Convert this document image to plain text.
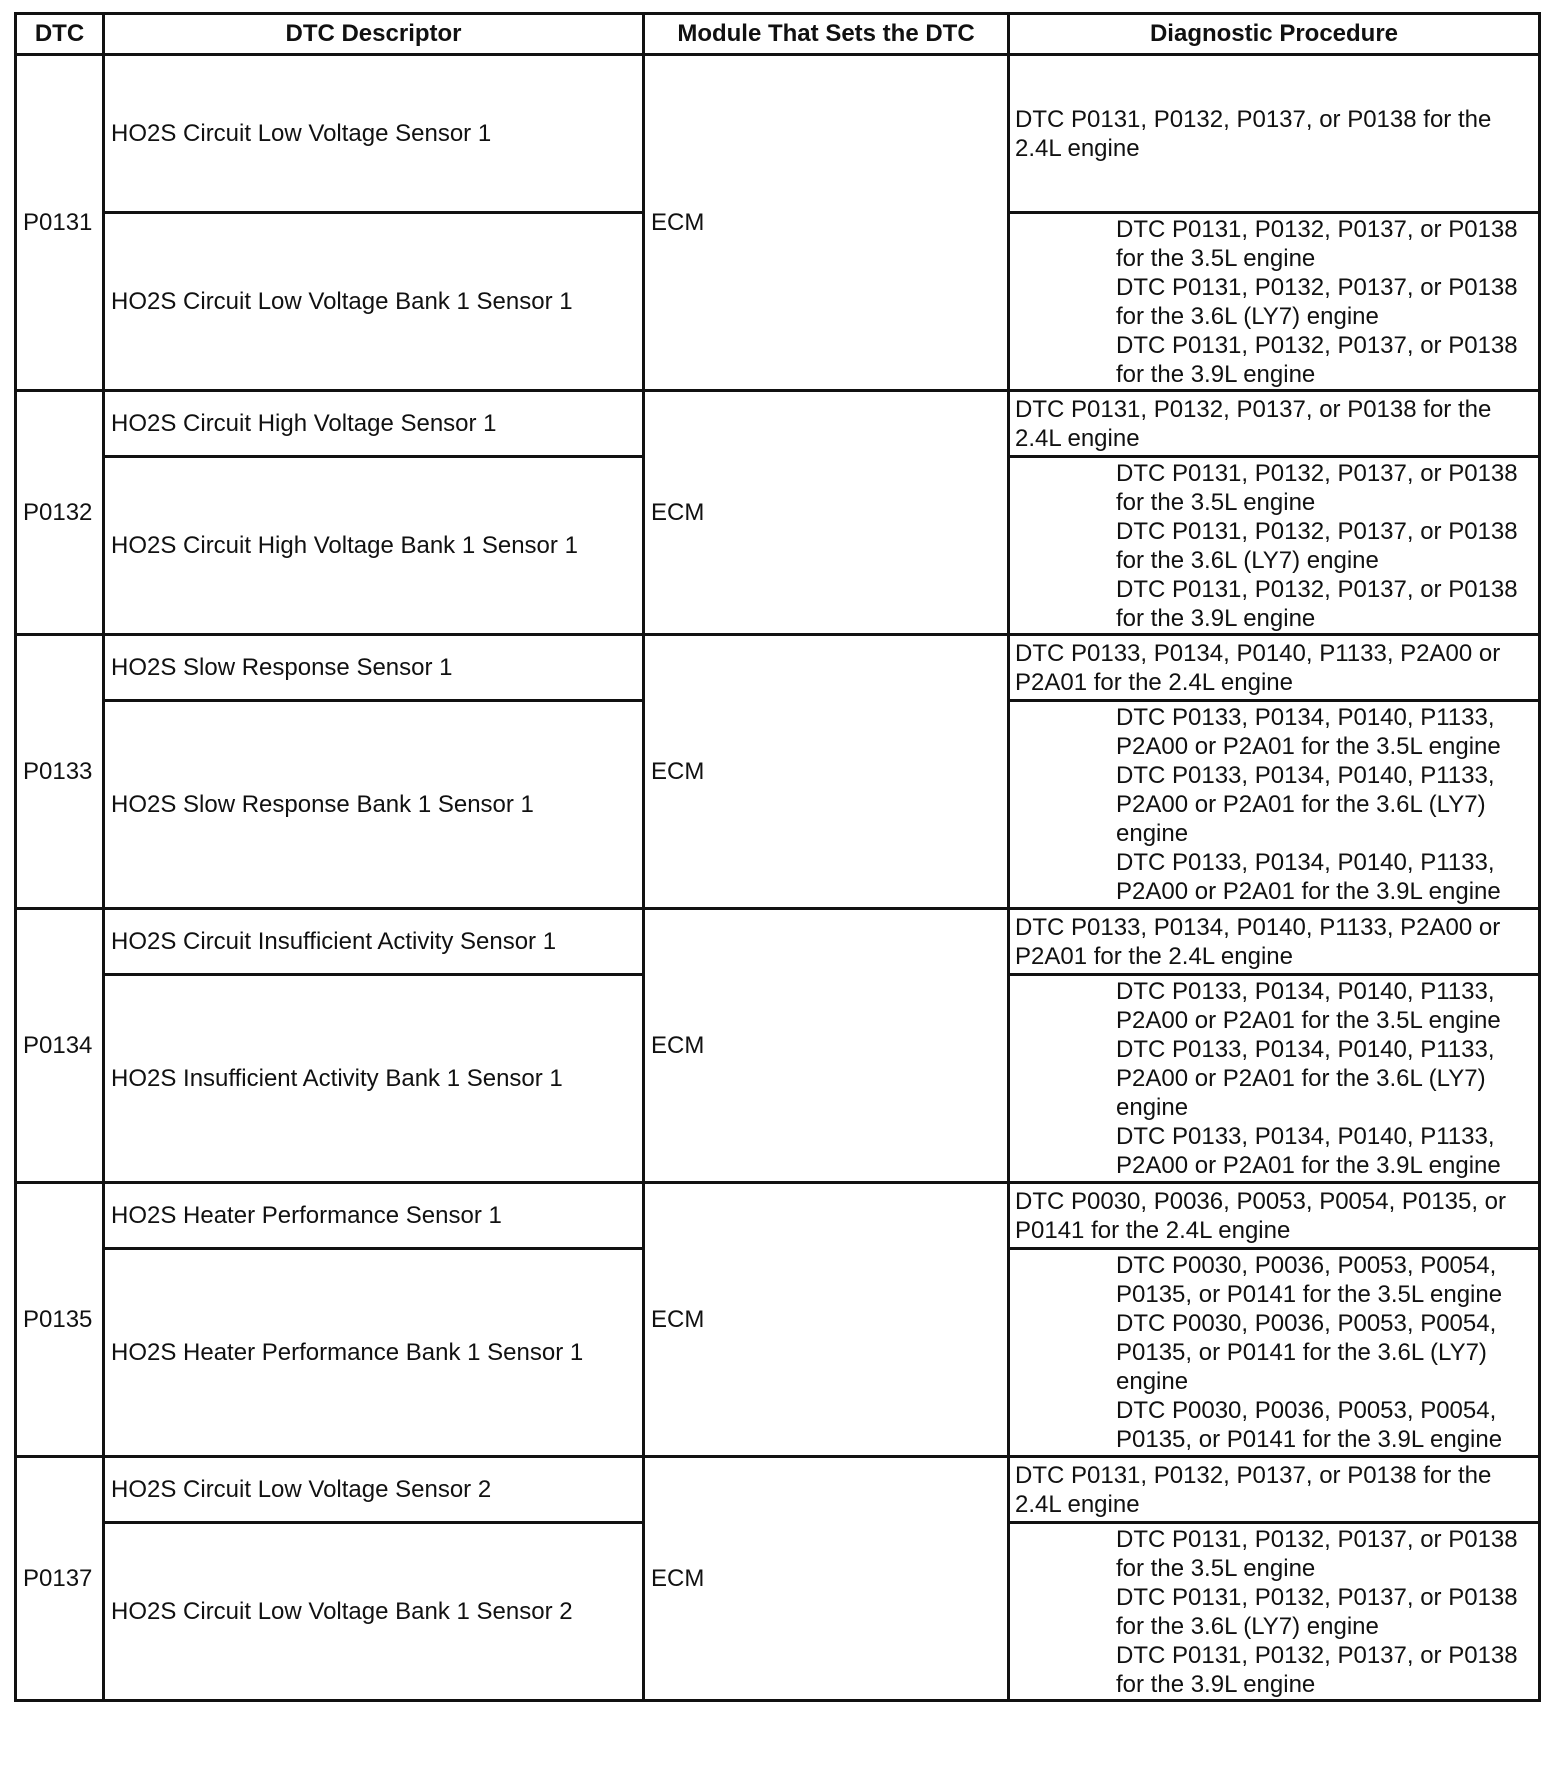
DTC	DTC Descriptor	Module That Sets the DTC	Diagnostic Procedure
P0131	HO2S Circuit Low Voltage Sensor 1	ECM	DTC P0131, P0132, P0137, or P0138 for the 2.4L engine

	HO2S Circuit Low Voltage Bank 1 Sensor 1		DTC P0131, P0132, P0137, or P0138 for the 3.5L engine
DTC P0131, P0132, P0137, or P0138 for the 3.6L (LY7) engine
DTC P0131, P0132, P0137, or P0138 for the 3.9L engine

P0132	HO2S Circuit High Voltage Sensor 1	ECM	DTC P0131, P0132, P0137, or P0138 for the 2.4L engine

	HO2S Circuit High Voltage Bank 1 Sensor 1		DTC P0131, P0132, P0137, or P0138 for the 3.5L engine
DTC P0131, P0132, P0137, or P0138 for the 3.6L (LY7) engine
DTC P0131, P0132, P0137, or P0138 for the 3.9L engine

P0133	HO2S Slow Response Sensor 1	ECM	DTC P0133, P0134, P0140, P1133, P2A00 or P2A01 for the 2.4L engine

	HO2S Slow Response Bank 1 Sensor 1		DTC P0133, P0134, P0140, P1133, P2A00 or P2A01 for the 3.5L engine
DTC P0133, P0134, P0140, P1133, P2A00 or P2A01 for the 3.6L (LY7) engine
DTC P0133, P0134, P0140, P1133, P2A00 or P2A01 for the 3.9L engine

P0134	HO2S Circuit Insufficient Activity Sensor 1	ECM	DTC P0133, P0134, P0140, P1133, P2A00 or P2A01 for the 2.4L engine

	HO2S Insufficient Activity Bank 1 Sensor 1		DTC P0133, P0134, P0140, P1133, P2A00 or P2A01 for the 3.5L engine
DTC P0133, P0134, P0140, P1133, P2A00 or P2A01 for the 3.6L (LY7) engine
DTC P0133, P0134, P0140, P1133, P2A00 or P2A01 for the 3.9L engine

P0135	HO2S Heater Performance Sensor 1	ECM	DTC P0030, P0036, P0053, P0054, P0135, or P0141 for the 2.4L engine

	HO2S Heater Performance Bank 1 Sensor 1		DTC P0030, P0036, P0053, P0054, P0135, or P0141 for the 3.5L engine
DTC P0030, P0036, P0053, P0054, P0135, or P0141 for the 3.6L (LY7) engine
DTC P0030, P0036, P0053, P0054, P0135, or P0141 for the 3.9L engine

P0137	HO2S Circuit Low Voltage Sensor 2	ECM	DTC P0131, P0132, P0137, or P0138 for the 2.4L engine

	HO2S Circuit Low Voltage Bank 1 Sensor 2		DTC P0131, P0132, P0137, or P0138 for the 3.5L engine
DTC P0131, P0132, P0137, or P0138 for the 3.6L (LY7) engine
DTC P0131, P0132, P0137, or P0138 for the 3.9L engine
